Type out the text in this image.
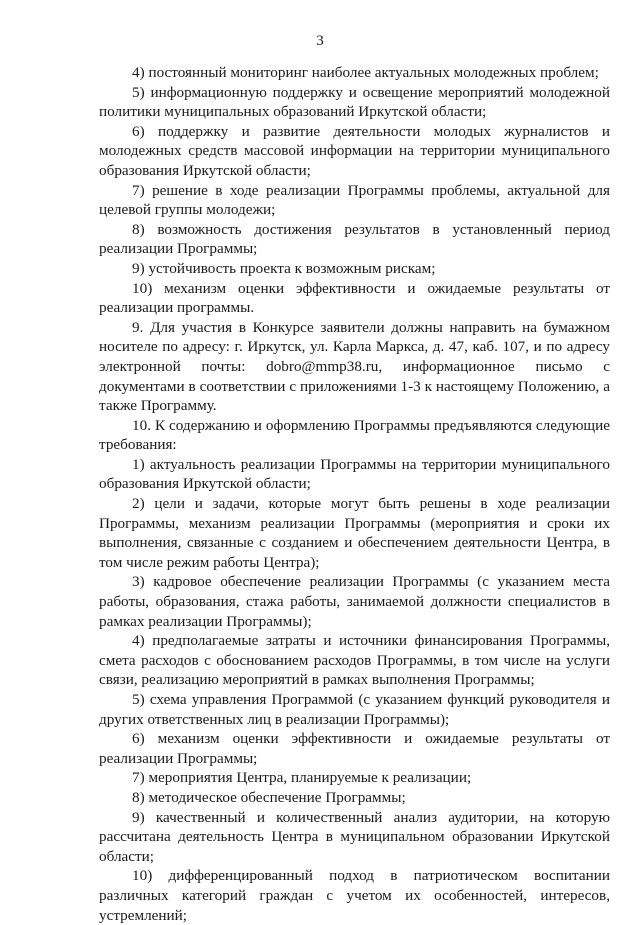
3

4) постоянный мониторинг наиболее актуальных молодежных проблем;

5) информационную поддержку и освещение мероприятий молодежной политики муниципальных образований Иркутской области;

6) поддержку и развитие деятельности молодых журналистов и молодежных средств массовой информации на территории муниципального образования Иркутской области;

7) решение в ходе реализации Программы проблемы, актуальной для целевой группы молодежи;

8) возможность достижения результатов в установленный период реализации Программы;

9) устойчивость проекта к возможным рискам;

10) механизм оценки эффективности и ожидаемые результаты от реализации программы.

9. Для участия в Конкурсе заявители должны направить на бумажном носителе по адресу: г. Иркутск, ул. Карла Маркса, д. 47, каб. 107, и по адресу электронной почты: dobro@mmp38.ru, информационное письмо с документами в соответствии с приложениями 1-3 к настоящему Положению, а также Программу.

10. К содержанию и оформлению Программы предъявляются следующие требования:

1) актуальность реализации Программы на территории муниципального образования Иркутской области;

2) цели и задачи, которые могут быть решены в ходе реализации Программы, механизм реализации Программы (мероприятия и сроки их выполнения, связанные с созданием и обеспечением деятельности Центра, в том числе режим работы Центра);

3) кадровое обеспечение реализации Программы (с указанием места работы, образования, стажа работы, занимаемой должности специалистов в рамках реализации Программы);

4) предполагаемые затраты и источники финансирования Программы, смета расходов с обоснованием расходов Программы, в том числе на услуги связи, реализацию мероприятий в рамках выполнения Программы;

5) схема управления Программой (с указанием функций руководителя и других ответственных лиц в реализации Программы);

6) механизм оценки эффективности и ожидаемые результаты от реализации Программы;

7) мероприятия Центра, планируемые к реализации;

8) методическое обеспечение Программы;

9) качественный и количественный анализ аудитории, на которую рассчитана деятельность Центра в муниципальном образовании Иркутской области;

10) дифференцированный подход в патриотическом воспитании различных категорий граждан с учетом их особенностей, интересов, устремлений;
